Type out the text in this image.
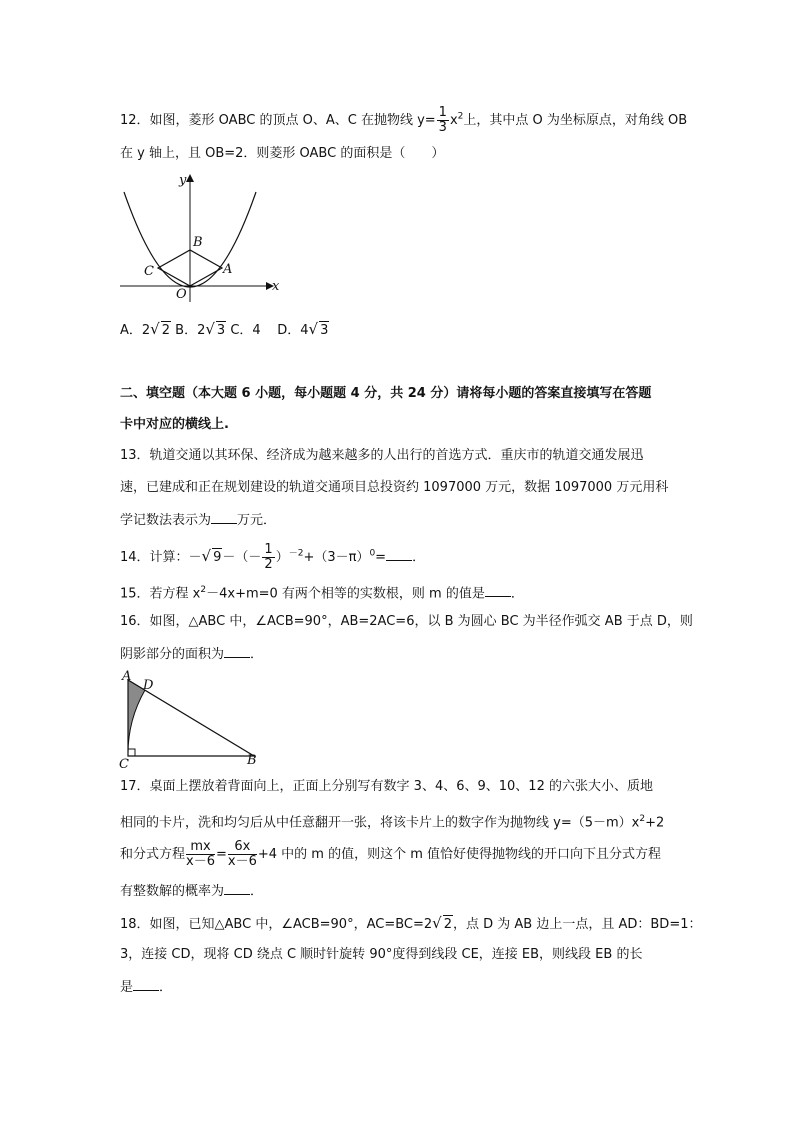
12．如图，菱形 OABC 的顶点 O、A、C 在抛物线 $y= \frac{1}{3} x^2$上，其中点 O 为坐标原点，对角线 OB
在 y 轴上，且 OB=2．则菱形 OABC 的面积是（　　）
y
x
B
A
C
O
A．2√ 2 B．2√ 3 C．4 D．4√ 3
二、填空题（本大题 6 小题，每小题题 4 分，共 24 分）请将每小题的答案直接填写在答题
卡中对应的横线上.
13．轨道交通以其环保、经济成为越来越多的人出行的首选方式．重庆市的轨道交通发展迅
速，已建成和正在规划建设的轨道交通项目总投资约 1097000 万元，数据 1097000 万元用科
学记数法表示为 万元．
14．计算：－√ $9-(- \frac{1}{2} )^{-2}+(3-\pi)^0=$ ．
15．若方程 $x^2-4x+m=0$ 有两个相等的实数根，则 m 的值是 ．
16．如图，△ABC 中，∠ACB=90°，AB=2AC=6，以 B 为圆心 BC 为半径作弧交 AB 于点 D，则
阴影部分的面积为 ．
A
D
C	B
17．桌面上摆放着背面向上，正面上分别写有数字 3、4、6、9、10、12 的六张大小、质地
相同的卡片，洗和均匀后从中任意翻开一张，将该卡片上的数字作为抛物线 $y=(5-m)x^2+2$
和分式方程 $\frac{mx}{x-6} = \frac{6x}{x-6} +4$ 中的 m 的值，则这个 m 值恰好使得抛物线的开口向下且分式方程
有整数解的概率为 ．
18．如图，已知△ABC 中，∠ACB=90°，AC=BC=2√ 2，点 D 为 AB 边上一点，且 AD：BD=1：
3，连接 CD，现将 CD 绕点 C 顺时针旋转 90°度得到线段 CE，连接 EB，则线段 EB 的长
是 ．
